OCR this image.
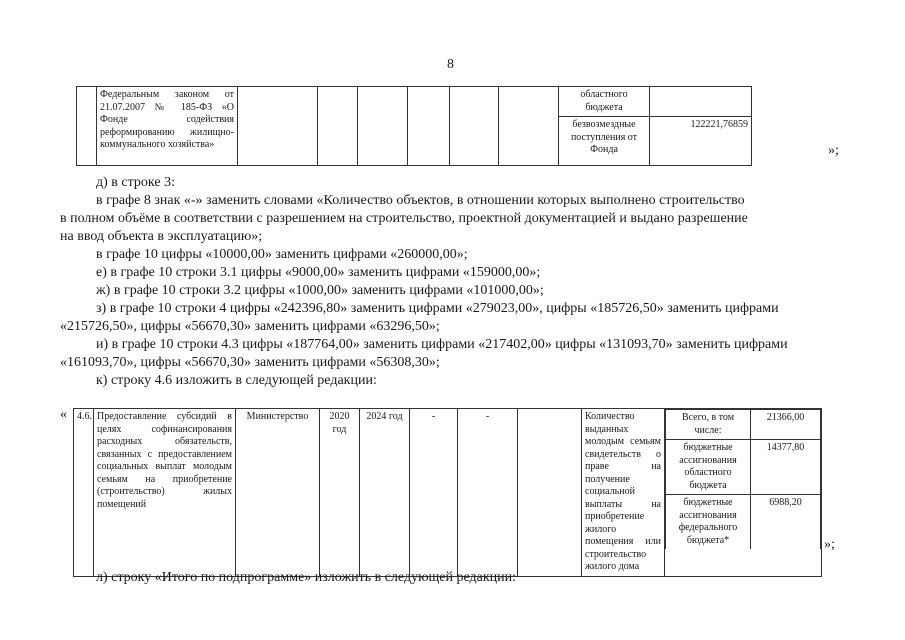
8
	Федеральным законом от 21.07.2007 № 185-ФЗ «О Фонде содействия реформированию жилищно-коммунального хозяйства»							областного бюджета	
								безвозмездные поступления от Фонда	122221,76859
»;
д) в строке 3:
в графе 8 знак «-» заменить словами «Количество объектов, в отношении которых выполнено строительство
в полном объёме в соответствии с разрешением на строительство, проектной документацией и выдано разрешение
на ввод объекта в эксплуатацию»;
в графе 10 цифры «10000,00» заменить цифрами «260000,00»;
е) в графе 10 строки 3.1 цифры «9000,00» заменить цифрами «159000,00»;
ж) в графе 10 строки 3.2 цифры «1000,00» заменить цифрами «101000,00»;
з) в графе 10 строки 4 цифры «242396,80» заменить цифрами «279023,00», цифры «185726,50» заменить цифрами
«215726,50», цифры «56670,30» заменить цифрами «63296,50»;
и) в графе 10 строки 4.3 цифры «187764,00» заменить цифрами «217402,00» цифры «131093,70» заменить цифрами
«161093,70», цифры «56670,30» заменить цифрами «56308,30»;
к) строку 4.6 изложить в следующей редакции:
« 4.6.	Предоставление субсидий в целях софинансирования расходных обязательств, связанных с предоставлением социальных выплат молодым семьям на приобретение (строительство) жилых помещений	Министерство	2020 год	2024 год	-	-		Количество выданных молодым семьям свидетельств о праве на получение социальной выплаты на приобретение жилого помещения или строительство жилого дома	
Всего, в том числе:	21366,00
бюджетные ассигнования областного бюджета	14377,80
бюджетные ассигнования федерального бюджета*	6988,20
»;
л) строку «Итого по подпрограмме» изложить в следующей редакции:
